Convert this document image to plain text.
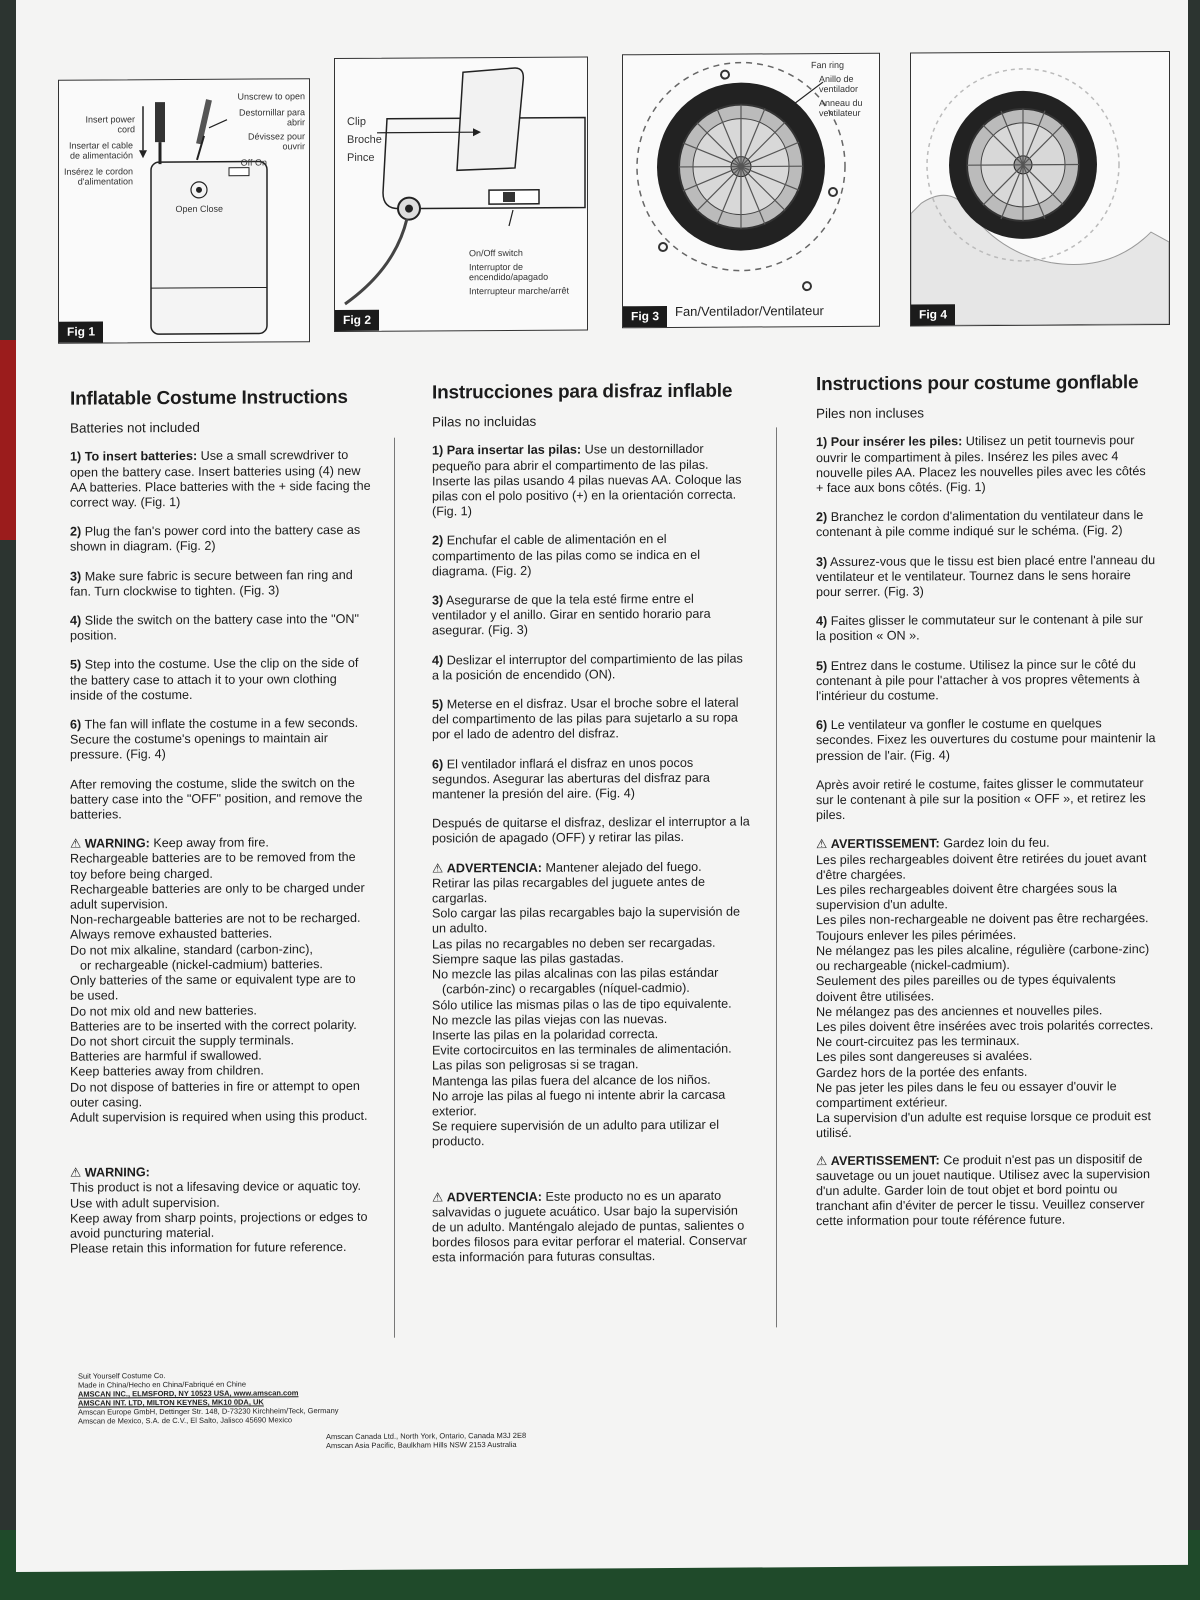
Insert power cord
Insertar el cable de alimentación
Insérez le cordon d'alimentation
Unscrew to open
Destornillar para abrir
Dévissez pour ouvrir
Off On
Open Close
Fig 1
Clip
Broche
Pince
On/Off switch
Interruptor de encendido/apagado
Interrupteur marche/arrêt
Fig 2
Fan ring
Anillo de ventilador
Anneau du ventilateur
Fan/Ventilador/Ventilateur
Fig 3	Fig 4
Inflatable Costume Instructions
Batteries not included

1) To insert batteries: Use a small screwdriver to open the battery case. Insert batteries using (4) new AA batteries. Place batteries with the + side facing the correct way. (Fig. 1)

2) Plug the fan's power cord into the battery case as shown in diagram. (Fig. 2)

3) Make sure fabric is secure between fan ring and fan. Turn clockwise to tighten. (Fig. 3)

4) Slide the switch on the battery case into the "ON" position.

5) Step into the costume. Use the clip on the side of the battery case to attach it to your own clothing inside of the costume.

6) The fan will inflate the costume in a few seconds. Secure the costume's openings to maintain air pressure. (Fig. 4)

After removing the costume, slide the switch on the battery case into the "OFF" position, and remove the batteries.

⚠ WARNING: Keep away from fire.
Rechargeable batteries are to be removed from the toy before being charged.
Rechargeable batteries are only to be charged under adult supervision.
Non-rechargeable batteries are not to be recharged.
Always remove exhausted batteries.
Do not mix alkaline, standard (carbon-zinc),
or rechargeable (nickel-cadmium) batteries.
Only batteries of the same or equivalent type are to be used.
Do not mix old and new batteries.
Batteries are to be inserted with the correct polarity.
Do not short circuit the supply terminals.
Batteries are harmful if swallowed.
Keep batteries away from children.
Do not dispose of batteries in fire or attempt to open outer casing.
Adult supervision is required when using this product.
⚠ WARNING:
This product is not a lifesaving device or aquatic toy.
Use with adult supervision.
Keep away from sharp points, projections or edges to avoid puncturing material.
Please retain this information for future reference.
Instrucciones para disfraz inflable
Pilas no incluidas

1) Para insertar las pilas: Use un destornillador pequeño para abrir el compartimento de las pilas. Inserte las pilas usando 4 pilas nuevas AA. Coloque las pilas con el polo positivo (+) en la orientación correcta. (Fig. 1)

2) Enchufar el cable de alimentación en el compartimento de las pilas como se indica en el diagrama. (Fig. 2)

3) Asegurarse de que la tela esté firme entre el ventilador y el anillo. Girar en sentido horario para asegurar. (Fig. 3)

4) Deslizar el interruptor del compartimiento de las pilas a la posición de encendido (ON).

5) Meterse en el disfraz. Usar el broche sobre el lateral del compartimento de las pilas para sujetarlo a su ropa por el lado de adentro del disfraz.

6) El ventilador inflará el disfraz en unos pocos segundos. Asegurar las aberturas del disfraz para mantener la presión del aire. (Fig. 4)

Después de quitarse el disfraz, deslizar el interruptor a la posición de apagado (OFF) y retirar las pilas.

⚠ ADVERTENCIA: Mantener alejado del fuego.
Retirar las pilas recargables del juguete antes de cargarlas.
Solo cargar las pilas recargables bajo la supervisión de un adulto.
Las pilas no recargables no deben ser recargadas.
Siempre saque las pilas gastadas.
No mezcle las pilas alcalinas con las pilas estándar
(carbón-zinc) o recargables (níquel-cadmio).
Sólo utilice las mismas pilas o las de tipo equivalente.
No mezcle las pilas viejas con las nuevas.
Inserte las pilas en la polaridad correcta.
Evite cortocircuitos en las terminales de alimentación.
Las pilas son peligrosas si se tragan.
Mantenga las pilas fuera del alcance de los niños.
No arroje las pilas al fuego ni intente abrir la carcasa exterior.
Se requiere supervisión de un adulto para utilizar el producto.
⚠ ADVERTENCIA: Este producto no es un aparato salvavidas o juguete acuático. Usar bajo la supervisión de un adulto. Manténgalo alejado de puntas, salientes o bordes filosos para evitar perforar el material. Conservar esta información para futuras consultas.
Instructions pour costume gonflable
Piles non incluses

1) Pour insérer les piles: Utilisez un petit tournevis pour ouvrir le compartiment à piles. Insérez les piles avec 4 nouvelle piles AA. Placez les nouvelles piles avec les côtés + face aux bons côtés. (Fig. 1)

2) Branchez le cordon d'alimentation du ventilateur dans le contenant à pile comme indiqué sur le schéma. (Fig. 2)

3) Assurez-vous que le tissu est bien placé entre l'anneau du ventilateur et le ventilateur. Tournez dans le sens horaire pour serrer. (Fig. 3)

4) Faites glisser le commutateur sur le contenant à pile sur la position « ON ».

5) Entrez dans le costume. Utilisez la pince sur le côté du contenant à pile pour l'attacher à vos propres vêtements à l'intérieur du costume.

6) Le ventilateur va gonfler le costume en quelques secondes. Fixez les ouvertures du costume pour maintenir la pression de l'air. (Fig. 4)

Après avoir retiré le costume, faites glisser le commutateur sur le contenant à pile sur la position « OFF », et retirez les piles.

⚠ AVERTISSEMENT: Gardez loin du feu.
Les piles rechargeables doivent être retirées du jouet avant d'être chargées.
Les piles rechargeables doivent être chargées sous la supervision d'un adulte.
Les piles non-rechargeable ne doivent pas être rechargées.
Toujours enlever les piles périmées.
Ne mélangez pas les piles alcaline, régulière (carbone-zinc) ou rechargeable (nickel-cadmium).
Seulement des piles pareilles ou de types équivalents doivent être utilisées.
Ne mélangez pas des anciennes et nouvelles piles.
Les piles doivent être insérées avec trois polarités correctes.
Ne court-circuitez pas les terminaux.
Les piles sont dangereuses si avalées.
Gardez hors de la portée des enfants.
Ne pas jeter les piles dans le feu ou essayer d'ouvir le compartiment extérieur.
La supervision d'un adulte est requise lorsque ce produit est utilisé.
⚠ AVERTISSEMENT: Ce produit n'est pas un dispositif de sauvetage ou un jouet nautique. Utilisez avec la supervision d'un adulte. Garder loin de tout objet et bord pointu ou tranchant afin d'éviter de percer le tissu. Veuillez conserver cette information pour toute référence future.
Suit Yourself Costume Co.
Made in China/Hecho en China/Fabriqué en Chine
AMSCAN INC., ELMSFORD, NY 10523 USA, www.amscan.com
AMSCAN INT. LTD, MILTON KEYNES, MK10 0DA, UK
Amscan Europe GmbH, Dettinger Str. 148, D-73230 Kirchheim/Teck, Germany
Amscan de Mexico, S.A. de C.V., El Salto, Jalisco 45690 Mexico
Amscan Canada Ltd., North York, Ontario, Canada M3J 2E8
Amscan Asia Pacific, Baulkham Hills NSW 2153 Australia
